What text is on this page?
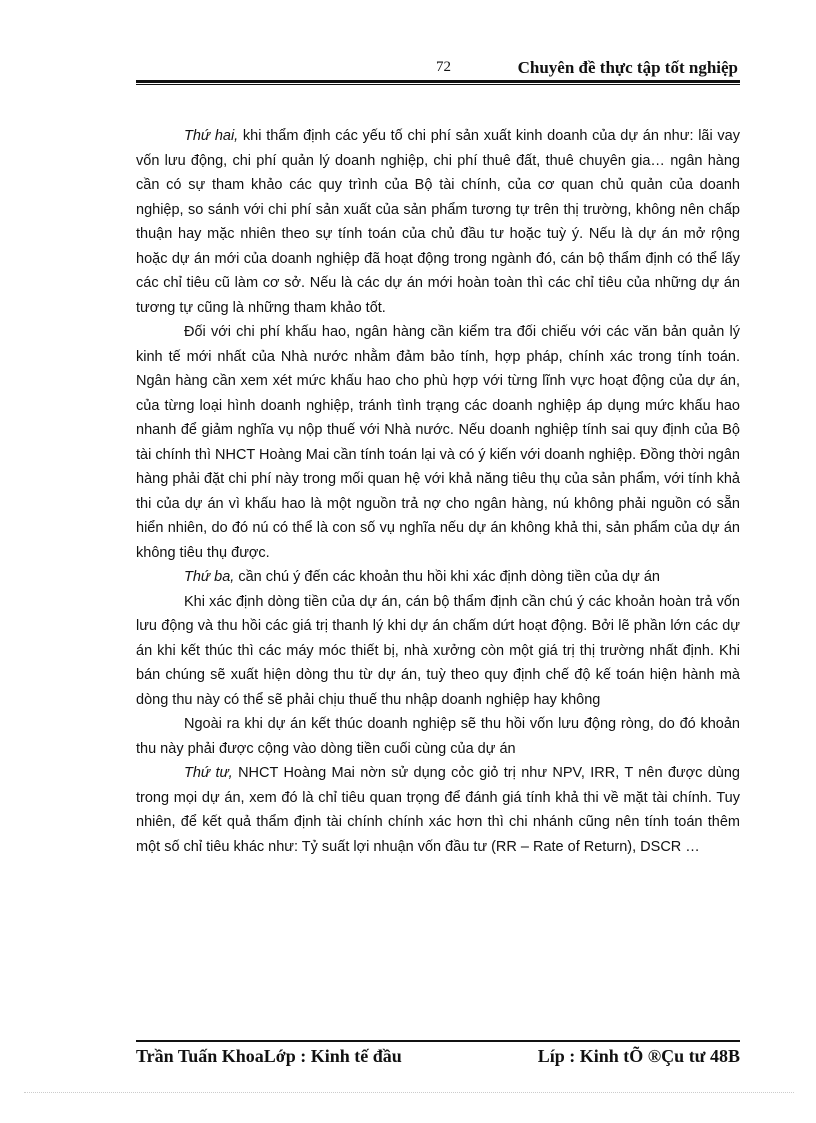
72	Chuyên đề thực tập tốt nghiệp

Thứ hai, khi thẩm định các yếu tố chi phí sản xuất kinh doanh của dự án như: lãi vay vốn lưu động, chi phí quản lý doanh nghiệp, chi phí thuê đất, thuê chuyên gia… ngân hàng cần có sự tham khảo các quy trình của Bộ tài chính, của cơ quan chủ quản của doanh nghiệp, so sánh với chi phí sản xuất của sản phẩm tương tự trên thị trường, không nên chấp thuận hay mặc nhiên theo sự tính toán của chủ đầu tư hoặc tuỳ ý. Nếu là dự án mở rộng hoặc dự án mới của doanh nghiệp đã hoạt động trong ngành đó, cán bộ thẩm định có thể lấy các chỉ tiêu cũ làm cơ sở. Nếu là các dự án mới hoàn toàn thì các chỉ tiêu của những dự án tương tự cũng là những tham khảo tốt.

Đối với chi phí khấu hao, ngân hàng cần kiểm tra đối chiếu với các văn bản quản lý kinh tế mới nhất của Nhà nước nhằm đảm bảo tính, hợp pháp, chính xác trong tính toán. Ngân hàng cần xem xét mức khấu hao cho phù hợp với từng lĩnh vực hoạt động của dự án, của từng loại hình doanh nghiệp, tránh tình trạng các doanh nghiệp áp dụng mức khấu hao nhanh để giảm nghĩa vụ nộp thuế với Nhà nước. Nếu doanh nghiệp tính sai quy định của Bộ tài chính thì NHCT Hoàng Mai cần tính toán lại và có ý kiến với doanh nghiệp. Đồng thời ngân hàng phải đặt chi phí này trong mối quan hệ với khả năng tiêu thụ của sản phẩm, với tính khả thi của dự án vì khấu hao là một nguồn trả nợ cho ngân hàng, nú không phải nguồn có sẵn hiển nhiên, do đó nú có thể là con số vụ nghĩa nếu dự án không khả thi, sản phẩm của dự án không tiêu thụ được.

Thứ ba, cần chú ý đến các khoản thu hồi khi xác định dòng tiền của dự án

Khi xác định dòng tiền của dự án, cán bộ thẩm định cần chú ý các khoản hoàn trả vốn lưu động và thu hồi các giá trị thanh lý khi dự án chấm dứt hoạt động. Bởi lẽ phần lớn các dự án khi kết thúc thì các máy móc thiết bị, nhà xưởng còn một giá trị thị trường nhất định. Khi bán chúng sẽ xuất hiện dòng thu từ dự án, tuỳ theo quy định chế độ kế toán hiện hành mà dòng thu này có thể sẽ phải chịu thuế thu nhập doanh nghiệp hay không

Ngoài ra khi dự án kết thúc doanh nghiệp sẽ thu hồi vốn lưu động ròng, do đó khoản thu này phải được cộng vào dòng tiền cuối cùng của dự án

Thứ tư, NHCT Hoàng Mai nờn sử dụng cỏc giỏ trị như NPV, IRR, T nên được dùng trong mọi dự án, xem đó là chỉ tiêu quan trọng để đánh giá tính khả thi về mặt tài chính. Tuy nhiên, để kết quả thẩm định tài chính chính xác hơn thì chi nhánh cũng nên tính toán thêm một số chỉ tiêu khác như: Tỷ suất lợi nhuận vốn đầu tư (RR – Rate of Return), DSCR …

Trần Tuấn KhoaLớp : Kinh tế đầu	Líp : Kinh tÕ ®Çu tư 48B
